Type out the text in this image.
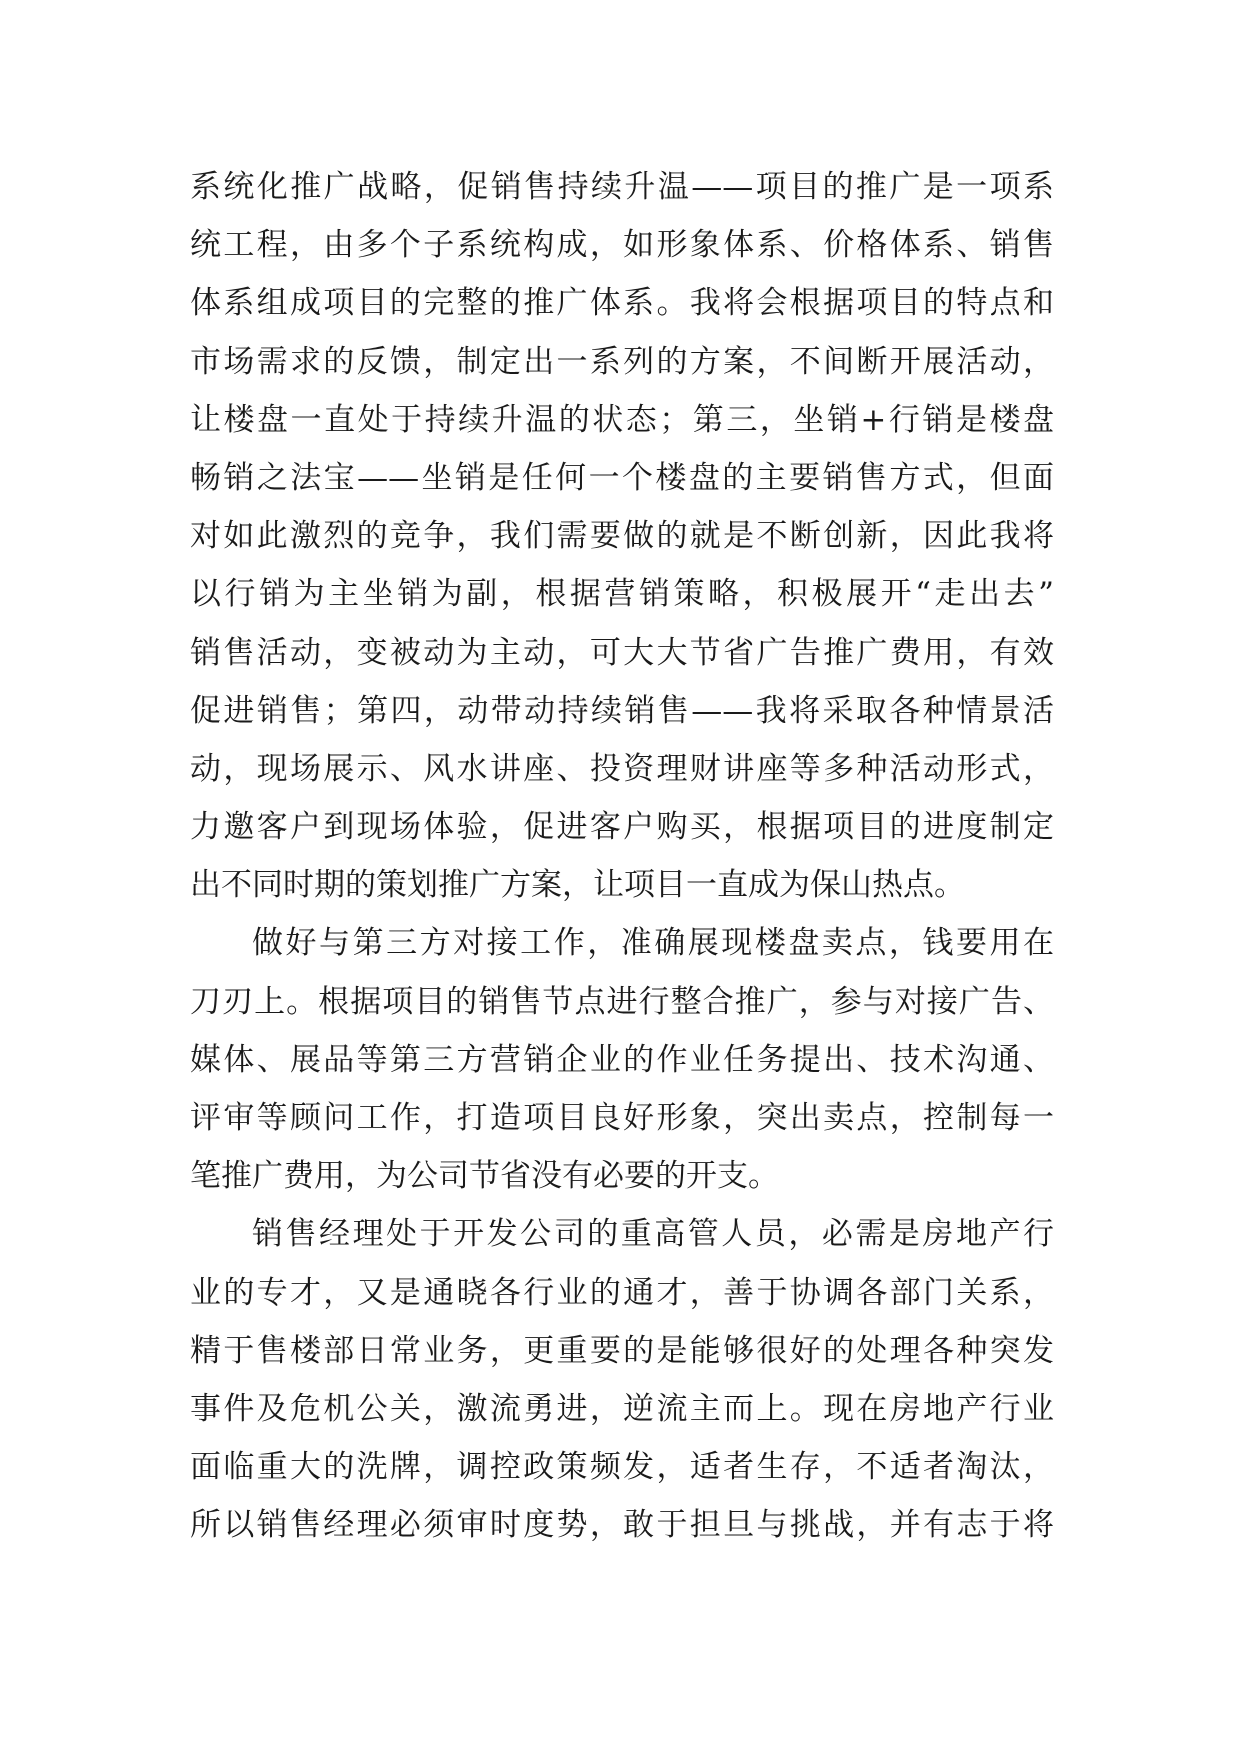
系统化推广战略，促销售持续升温——项目的推广是一项系
统工程，由多个子系统构成，如形象体系、价格体系、销售
体系组成项目的完整的推广体系。我将会根据项目的特点和
市场需求的反馈，制定出一系列的方案，不间断开展活动，
让楼盘一直处于持续升温的状态；第三，坐销+行销是楼盘
畅销之法宝——坐销是任何一个楼盘的主要销售方式，但面
对如此激烈的竞争，我们需要做的就是不断创新，因此我将
以行销为主坐销为副，根据营销策略，积极展开“走出去”
销售活动，变被动为主动，可大大节省广告推广费用，有效
促进销售；第四，动带动持续销售——我将采取各种情景活
动，现场展示、风水讲座、投资理财讲座等多种活动形式，
力邀客户到现场体验，促进客户购买，根据项目的进度制定
出不同时期的策划推广方案，让项目一直成为保山热点。
做好与第三方对接工作，准确展现楼盘卖点，钱要用在
刀刃上。根据项目的销售节点进行整合推广，参与对接广告、
媒体、展品等第三方营销企业的作业任务提出、技术沟通、
评审等顾问工作，打造项目良好形象，突出卖点，控制每一
笔推广费用，为公司节省没有必要的开支。
销售经理处于开发公司的重高管人员，必需是房地产行
业的专才，又是通晓各行业的通才，善于协调各部门关系，
精于售楼部日常业务，更重要的是能够很好的处理各种突发
事件及危机公关，激流勇进，逆流主而上。现在房地产行业
面临重大的洗牌，调控政策频发，适者生存，不适者淘汰，
所以销售经理必须审时度势，敢于担旦与挑战，并有志于将
